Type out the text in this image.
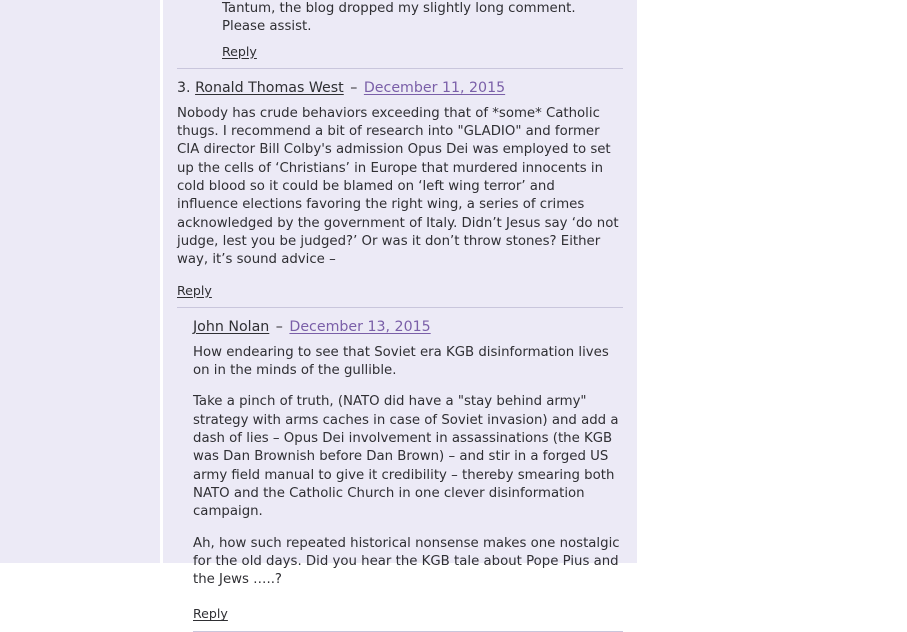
Tantum, the blog dropped my slightly long comment. Please assist.

Reply
3. Ronald Thomas West – December 11, 2015

Nobody has crude behaviors exceeding that of *some* Catholic thugs. I recommend a bit of research into "GLADIO" and former CIA director Bill Colby's admission Opus Dei was employed to set up the cells of ‘Christians’ in Europe that murdered innocents in cold blood so it could be blamed on ‘left wing terror’ and influence elections favoring the right wing, a series of crimes acknowledged by the government of Italy. Didn’t Jesus say ‘do not judge, lest you be judged?’ Or was it don’t throw stones? Either way, it’s sound advice –

Reply
John Nolan – December 13, 2015

How endearing to see that Soviet era KGB disinformation lives on in the minds of the gullible.

Take a pinch of truth, (NATO did have a "stay behind army" strategy with arms caches in case of Soviet invasion) and add a dash of lies – Opus Dei involvement in assassinations (the KGB was Dan Brownish before Dan Brown) – and stir in a forged US army field manual to give it credibility – thereby smearing both NATO and the Catholic Church in one clever disinformation campaign.

Ah, how such repeated historical nonsense makes one nostalgic for the old days. Did you hear the KGB tale about Pope Pius and the Jews …..?

Reply
